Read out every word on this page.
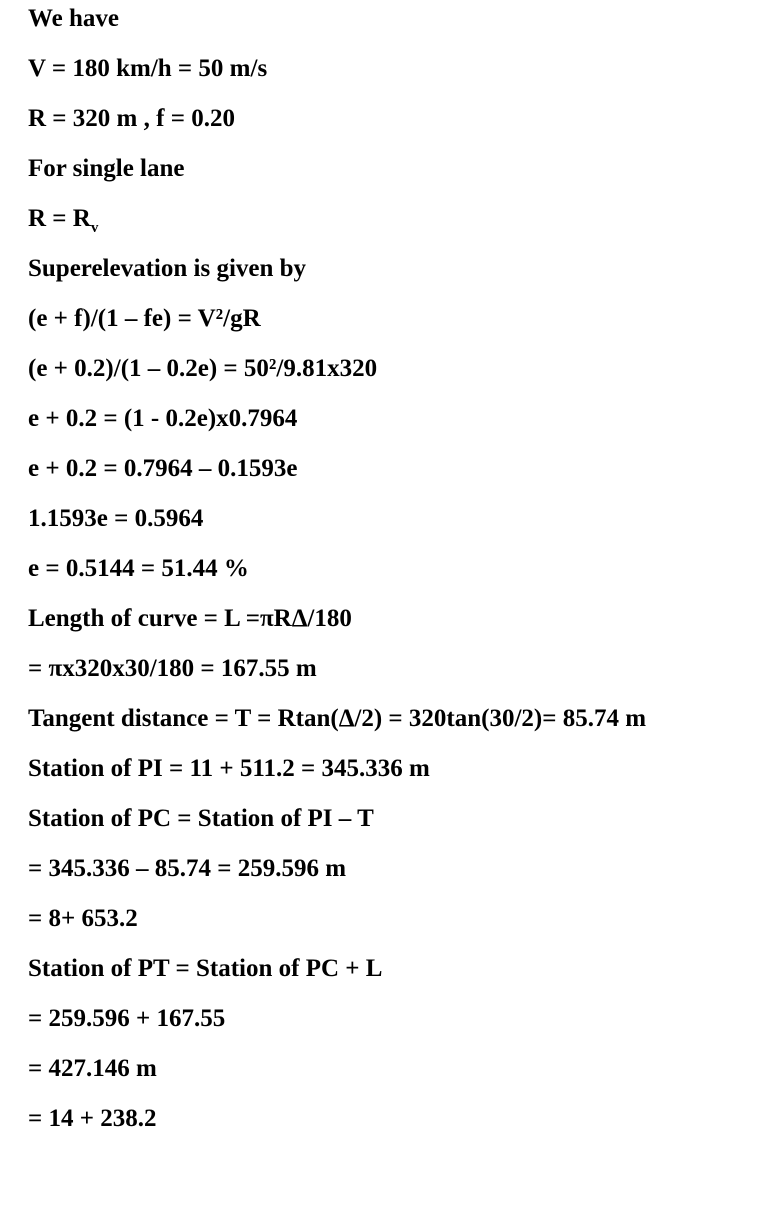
We have
V = 180 km/h = 50 m/s
R = 320 m , f = 0.20
For single lane
$R = R_v$
Superelevation is given by
(e + f)/(1 – fe) = V²/gR
(e + 0.2)/(1 – 0.2e) = 50²/9.81x320
e + 0.2 = (1 - 0.2e)x0.7964
e + 0.2 = 0.7964 – 0.1593e
1.1593e = 0.5964
e = 0.5144 = 51.44 %
Length of curve = L =πRΔ/180
= πx320x30/180 = 167.55 m
Tangent distance = T = Rtan(Δ/2) = 320tan(30/2)= 85.74 m
Station of PI = 11 + 511.2 = 345.336 m
Station of PC = Station of PI – T
= 345.336 – 85.74 = 259.596 m
= 8+ 653.2
Station of PT = Station of PC + L
= 259.596 + 167.55
= 427.146 m
= 14 + 238.2
